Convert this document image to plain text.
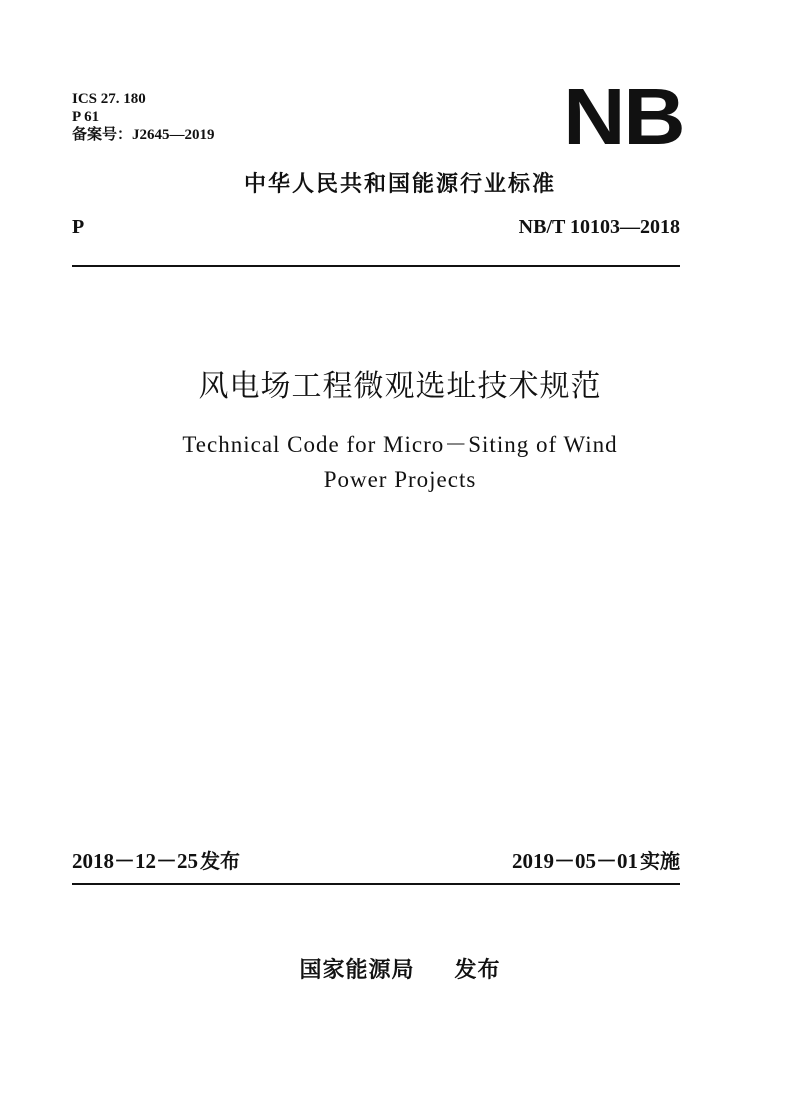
ICS 27. 180
P 61
备案号：J2645—2019	NB
中华人民共和国能源行业标准
P	NB/T 10103—2018
风电场工程微观选址技术规范
Technical Code for Micro－Siting of Wind
Power Projects
2018－12－25 发布	2019－05－01 实施
国家能源局 发布
